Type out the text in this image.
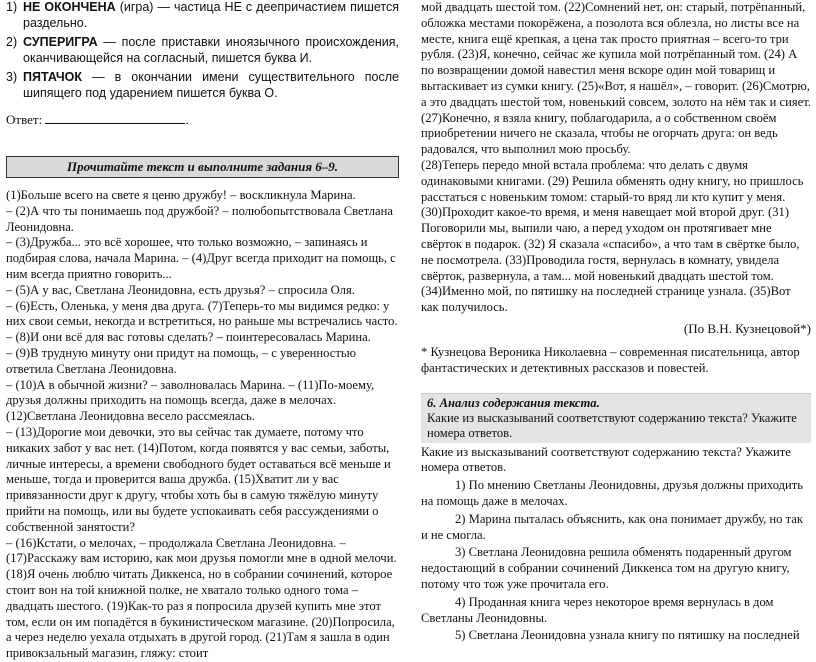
1) НЕ ОКОНЧЕНА (игра) — частица НЕ с деепричастием пишется раздельно.
2) СУПЕРИГРА — после приставки иноязычного происхождения, оканчивающейся на согласный, пишется буква И.
3) ПЯТАЧОК — в окончании имени существительного после шипящего под ударением пишется буква О.
Ответ:	.
Прочитайте текст и выполните задания 6–9.

(1)Больше всего на свете я ценю дружбу! – воскликнула Марина.

– (2)А что ты понимаешь под дружбой? – полюбопытствовала Светлана Леонидовна.

– (3)Дружба... это всё хорошее, что только возможно, – запинаясь и подбирая слова, начала Марина. – (4)Друг всегда приходит на помощь, с ним всегда приятно говорить...

– (5)А у вас, Светлана Леонидовна, есть друзья? – спросила Оля.

– (6)Есть, Оленька, у меня два друга. (7)Теперь-то мы видимся редко: у них свои семьи, некогда и встретиться, но раньше мы встречались часто.

– (8)И они всё для вас готовы сделать? – поинтересовалась Марина.

– (9)В трудную минуту они придут на помощь, – с уверенностью ответила Светлана Леонидовна.

– (10)А в обычной жизни? – заволновалась Марина. – (11)По-моему, друзья должны приходить на помощь всегда, даже в мелочах.

(12)Светлана Леонидовна весело рассмеялась.

– (13)Дорогие мои девочки, это вы сейчас так думаете, потому что никаких забот у вас нет. (14)Потом, когда появятся у вас семьи, заботы, личные интересы, а времени свободного будет оставаться всё меньше и меньше, тогда и проверится ваша дружба. (15)Хватит ли у вас привязанности друг к другу, чтобы хоть бы в самую тяжёлую минуту прийти на помощь, или вы будете успокаивать себя рассуждениями о собственной занятости?

– (16)Кстати, о мелочах, – продолжала Светлана Леонидовна. – (17)Расскажу вам историю, как мои друзья помогли мне в одной мелочи. (18)Я очень люблю читать Диккенса, но в собрании сочинений, которое стоит вон на той книжной полке, не хватало только одного тома – двадцать шестого. (19)Как-то раз я попросила друзей купить мне этот том, если он им попадётся в букинистическом магазине. (20)Попросила, а через неделю уехала отдыхать в другой город. (21)Там я зашла в один привокзальный магазин, гляжу: стоит

мой двадцать шестой том. (22)Сомнений нет, он: старый, потрёпанный, обложка местами покорёжена, а позолота вся облезла, но листы все на месте, книга ещё крепкая, а цена так просто приятная – всего-то три рубля. (23)Я, конечно, сейчас же купила мой потрёпанный том. (24) А по возвращении домой навестил меня вскоре один мой товарищ и вытаскивает из сумки книгу. (25)«Вот, я нашёл», – говорит. (26)Смотрю, а это двадцать шестой том, новенький совсем, золото на нём так и сияет. (27)Конечно, я взяла книгу, поблагодарила, а о собственном своём приобретении ничего не сказала, чтобы не огорчать друга: он ведь радовался, что выполнил мою просьбу.

(28)Теперь передо мной встала проблема: что делать с двумя одинаковыми книгами. (29) Решила обменять одну книгу, но пришлось расстаться с новеньким томом: старый-то вряд ли кто купит у меня. (30)Проходит какое-то время, и меня навещает мой второй друг. (31) Поговорили мы, выпили чаю, а перед уходом он протягивает мне свёрток в подарок. (32) Я сказала «спасибо», а что там в свёртке было, не посмотрела. (33)Проводила гостя, вернулась в комнату, увидела свёрток, развернула, а там... мой новенький двадцать шестой том. (34)Именно мой, по пятишку на последней странице узнала. (35)Вот как получилось.

(По В.Н. Кузнецовой*)
* Кузнецова Вероника Николаевна – современная писательница, автор фантастических и детективных рассказов и повестей.
6. Анализ содержания текста.
Какие из высказываний соответствуют содержанию текста? Укажите номера ответов.
Какие из высказываний соответствуют содержанию текста? Укажите номера ответов.
1) По мнению Светланы Леонидовны, друзья должны приходить на помощь даже в мелочах.
2) Марина пыталась объяснить, как она понимает дружбу, но так и не смогла.
3) Светлана Леонидовна решила обменять подаренный другом недостающий в собрании сочинений Диккенса том на другую книгу, потому что тож уже прочитала его.
4) Проданная книга через некоторое время вернулась в дом Светланы Леонидовны.
5) Светлана Леонидовна узнала книгу по пятишку на последней
